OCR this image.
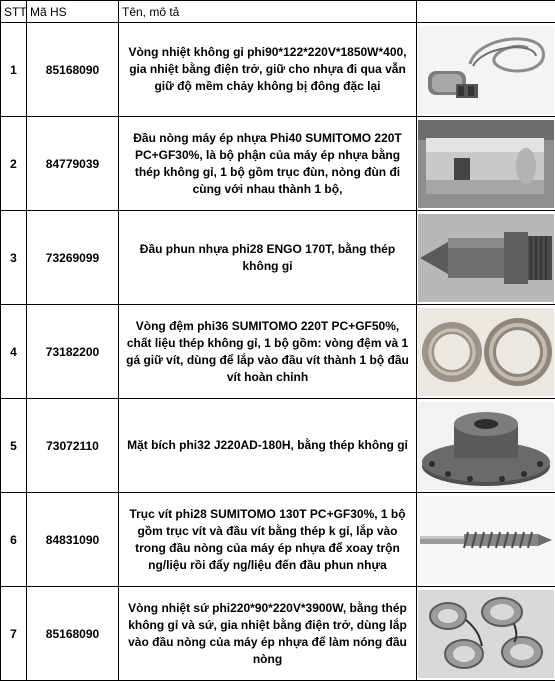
STT	Mã HS	Tên, mô tả	
1	85168090	Vòng nhiệt không gỉ phi90*122*220V*1850W*400, gia nhiệt bằng điện trở, giữ cho nhựa đi qua vẫn giữ độ mềm chảy không bị đông đặc lại	

2	84779039	Đầu nòng máy ép nhựa Phi40 SUMITOMO 220T PC+GF30%, là bộ phận của máy ép nhựa bằng thép không gỉ, 1 bộ gồm trục đùn, nòng đùn đi cùng với nhau thành 1 bộ,	

3	73269099	Đầu phun nhựa phi28 ENGO 170T, bằng thép không gỉ	

4	73182200	Vòng đệm phi36 SUMITOMO 220T PC+GF50%, chất liệu thép không gỉ, 1 bộ gồm: vòng đệm và 1 gá giữ vít, dùng để lắp vào đầu vít thành 1 bộ đầu vít hoàn chỉnh	

5	73072110	Mặt bích phi32 J220AD-180H, bằng thép không gỉ	

6	84831090	Trục vít phi28 SUMITOMO 130T PC+GF30%, 1 bộ gồm trục vít và đầu vít bằng thép k gỉ, lắp vào trong đầu nòng của máy ép nhựa để xoay trộn ng/liệu rồi đẩy ng/liệu đến đầu phun nhựa	

7	85168090	Vòng nhiệt sứ phi220*90*220V*3900W, bằng thép không gỉ và sứ, gia nhiệt bằng điện trở, dùng lắp vào đầu nòng của máy ép nhựa để làm nóng đầu nòng	
